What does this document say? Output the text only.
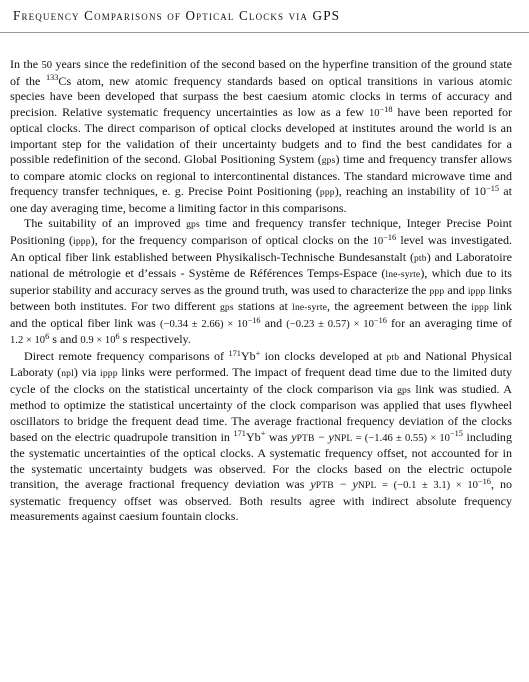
Frequency Comparisons of Optical Clocks via GPS

In the 50 years since the redefinition of the second based on the hyperfine transition of the ground state of the $^{133}$Cs atom, new atomic frequency standards based on optical transitions in various atomic species have been developed that surpass the best caesium atomic clocks in terms of accuracy and precision. Relative systematic frequency uncertainties as low as a few $10^{-18}$ have been reported for optical clocks. The direct comparison of optical clocks developed at institutes around the world is an important step for the validation of their uncertainty budgets and to find the best candidates for a possible redefinition of the second. Global Positioning System (gps) time and frequency transfer allows to compare atomic clocks on regional to intercontinental distances. The standard microwave time and frequency transfer techniques, e. g. Precise Point Positioning (ppp), reaching an instability of $10^{-15}$ at one day averaging time, become a limiting factor in this comparisons.

The suitability of an improved gps time and frequency transfer technique, Integer Precise Point Positioning (ippp), for the frequency comparison of optical clocks on the $10^{-16}$ level was investigated. An optical fiber link established between Physikalisch-Technische Bundesanstalt (ptb) and Laboratoire national de métrologie et d’essais - Système de Références Temps-Espace (lne-syrte), which due to its superior stability and accuracy serves as the ground truth, was used to characterize the ppp and ippp links between both institutes. For two different gps stations at lne-syrte, the agreement between the ippp link and the optical fiber link was $(-0.34 \pm 2.66) \times 10^{-16}$ and $(-0.23 \pm 0.57) \times 10^{-16}$ for an averaging time of $1.2 \times 10^6$ s and $0.9 \times 10^6$ s respectively.

Direct remote frequency comparisons of $^{171}$Yb+ ion clocks developed at ptb and National Physical Laboraty (npl) via ippp links were performed. The impact of frequent dead time due to the limited duty cycle of the clocks on the statistical uncertainty of the clock comparison via gps link was studied. A method to optimize the statistical uncertainty of the clock comparison was applied that uses flywheel oscillators to bridge the frequent dead time. The average fractional frequency deviation of the clocks based on the electric quadrupole transition in $^{171}$Yb+ was yPTB − yNPL = $(-1.46 \pm 0.55) \times 10^{-15}$ including the systematic uncertainties of the optical clocks. A systematic frequency offset, not accounted for in the systematic uncertainty budgets was observed. For the clocks based on the electric octupole transition, the average fractional frequency deviation was yPTB − yNPL = $(-0.1 \pm 3.1) \times 10^{-16}$, no systematic frequency offset was observed. Both results agree with indirect absolute frequency measurements against caesium fountain clocks.
